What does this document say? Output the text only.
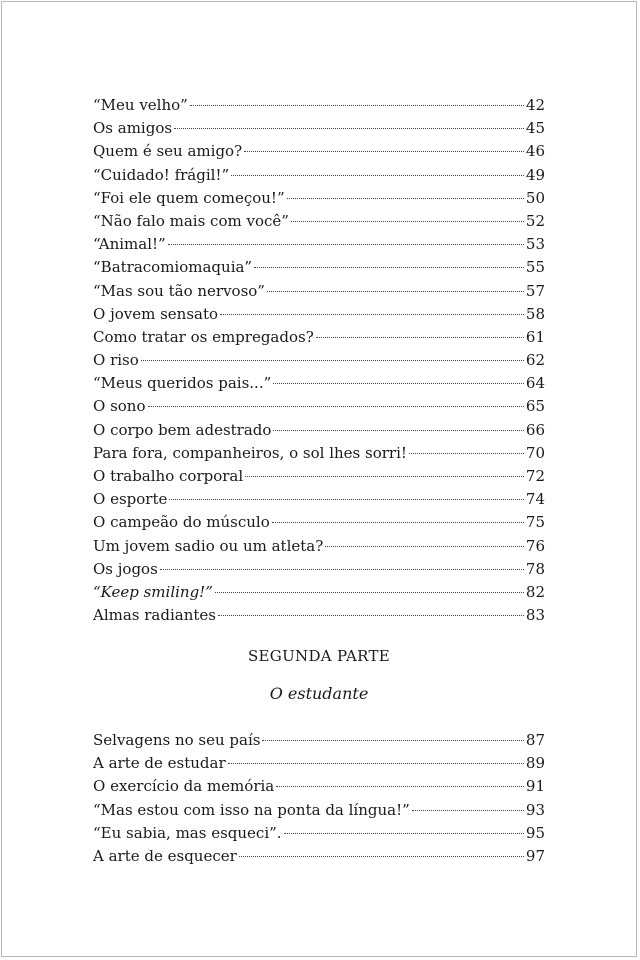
“Meu velho”	42
Os amigos	45
Quem é seu amigo?	46
“Cuidado! frágil!”	49
“Foi ele quem começou!”	50
“Não falo mais com você”	52
“Animal!”	53
“Batracomiomaquia”	55
“Mas sou tão nervoso”	57
O jovem sensato	58
Como tratar os empregados?	61
O riso	62
“Meus queridos pais...”	64
O sono	65
O corpo bem adestrado	66
Para fora, companheiros, o sol lhes sorri!	70
O trabalho corporal	72
O esporte	74
O campeão do músculo	75
Um jovem sadio ou um atleta?	76
Os jogos	78
“Keep smiling!”	82
Almas radiantes	83
SEGUNDA PARTE
O estudante
Selvagens no seu país	87
A arte de estudar	89
O exercício da memória	91
“Mas estou com isso na ponta da língua!”	93
“Eu sabia, mas esqueci”.	95
A arte de esquecer	97
